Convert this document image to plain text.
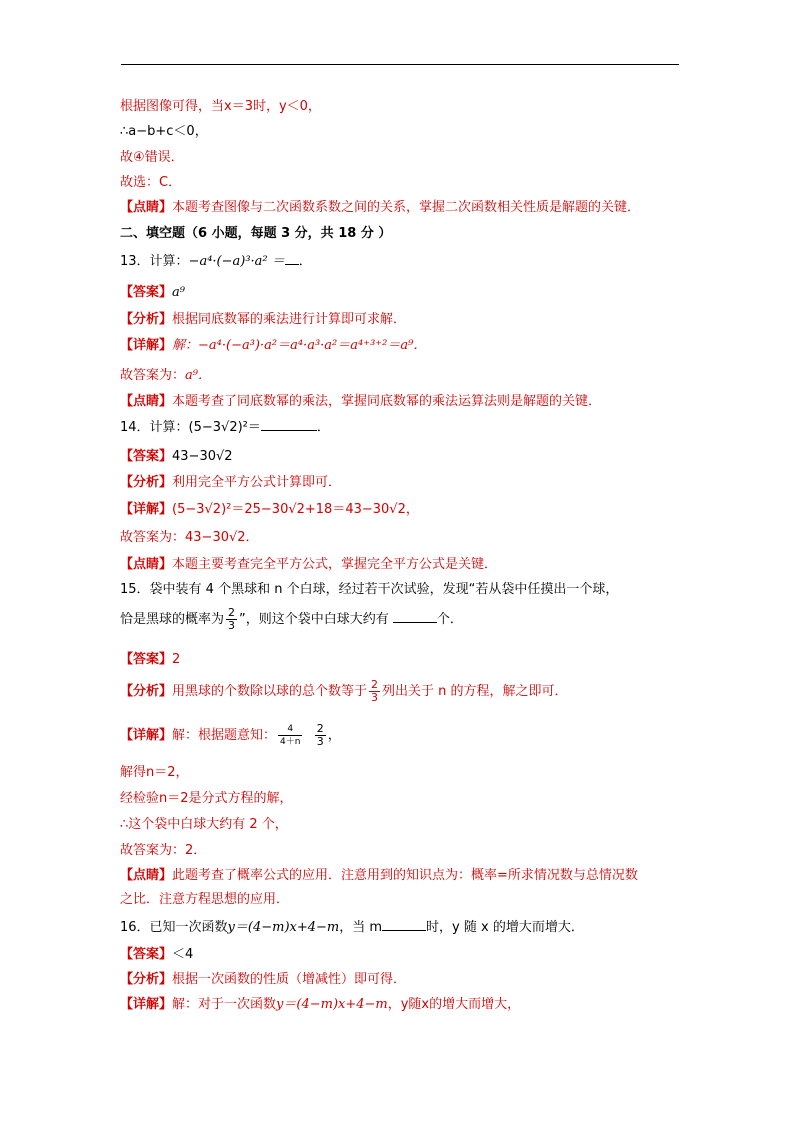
根据图像可得，当x＝3时，y＜0，
∴a−b+c＜0，
故④错误．
故选：C．
【点睛】本题考查图像与二次函数系数之间的关系，掌握二次函数相关性质是解题的关键．
二、填空题（6 小题，每题 3 分，共 18 分 ）
13．计算：−a⁴·(−a)³·a² ＝ ．
【答案】a⁹
【分析】根据同底数幂的乘法进行计算即可求解．
【详解】解：−a⁴·(−a³)·a²＝a⁴·a³·a²＝a⁴⁺³⁺²＝a⁹．
故答案为：a⁹．
【点睛】本题考查了同底数幂的乘法，掌握同底数幂的乘法运算法则是解题的关键．
14．计算：(5−3√2)²＝	．
【答案】43−30√2
【分析】利用完全平方公式计算即可．
【详解】(5−3√2)²＝25−30√2+18＝43−30√2，
故答案为：43−30√2．
【点睛】本题主要考查完全平方公式，掌握完全平方公式是关键．
15．袋中装有 4 个黑球和 n 个白球，经过若干次试验，发现“若从袋中任摸出一个球，
恰是黑球的概率为 $\frac{2}{3}$ ”，则这个袋中白球大约有	个．
【答案】2
【分析】用黑球的个数除以球的总个数等于 $\frac{2}{3}$ 列出关于 n 的方程，解之即可．
【详解】解：根据题意知： $\frac{4}{4+n}$
$\frac{2}{3}$ ，
解得n＝2，
经检验n＝2是分式方程的解，
∴这个袋中白球大约有 2 个，
故答案为：2．
【点睛】此题考查了概率公式的应用．注意用到的知识点为：概率=所求情况数与总情况数
之比．注意方程思想的应用．
16．已知一次函数y＝(4−m)x+4−m，当 m	时，y 随 x 的增大而增大．
【答案】＜4
【分析】根据一次函数的性质（增减性）即可得．
【详解】解：对于一次函数y＝(4−m)x+4−m，y随x的增大而增大，
